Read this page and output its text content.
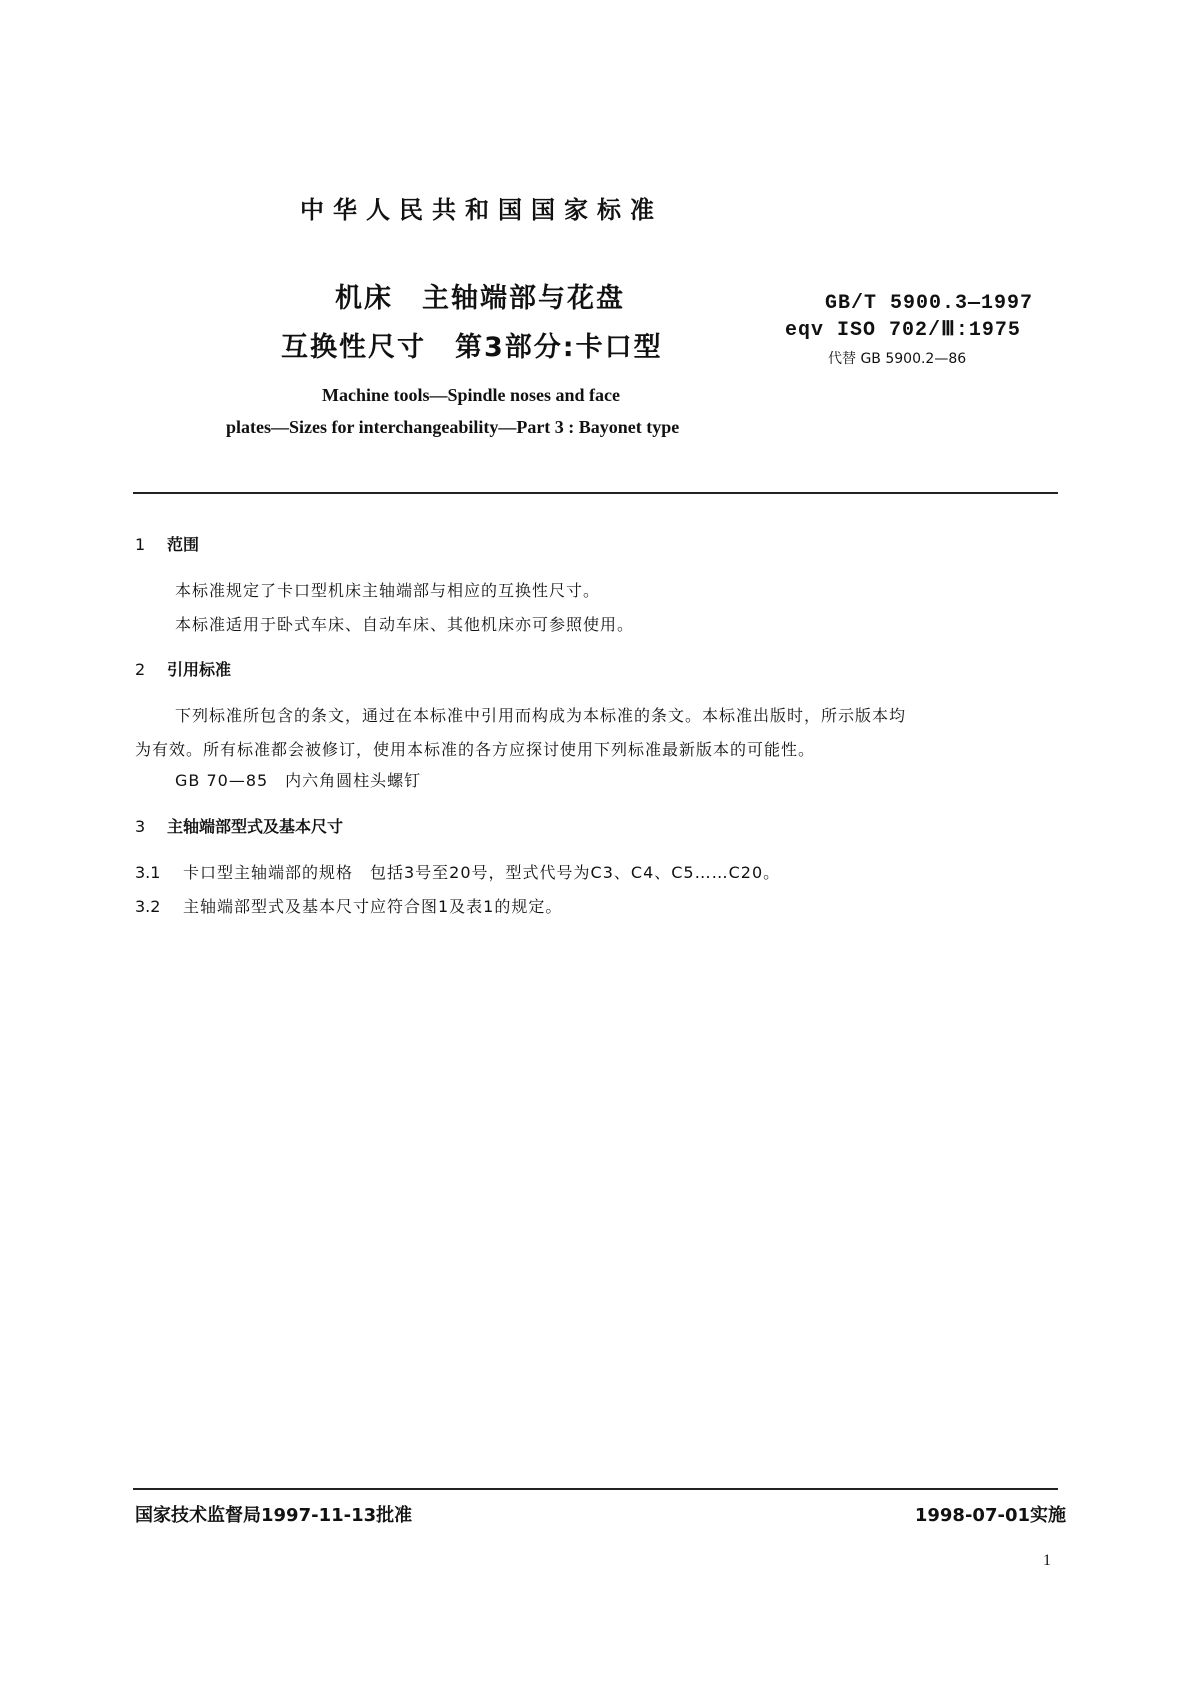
中华人民共和国国家标准
机床　主轴端部与花盘
互换性尺寸　第3部分:卡口型
GB/T 5900.3—1997
eqv ISO 702/Ⅲ:1975
代替 GB 5900.2—86
Machine tools—Spindle noses and face
plates—Sizes for interchangeability—Part 3 : Bayonet type
1 范围
本标准规定了卡口型机床主轴端部与相应的互换性尺寸。
本标准适用于卧式车床、自动车床、其他机床亦可参照使用。
2 引用标准
下列标准所包含的条文，通过在本标准中引用而构成为本标准的条文。本标准出版时，所示版本均
为有效。所有标准都会被修订，使用本标准的各方应探讨使用下列标准最新版本的可能性。
GB 70—85　内六角圆柱头螺钉
3 主轴端部型式及基本尺寸
3.1 卡口型主轴端部的规格　包括3号至20号，型式代号为C3、C4、C5……C20。
3.2 主轴端部型式及基本尺寸应符合图1及表1的规定。
国家技术监督局1997-11-13批准	1998-07-01实施
1
